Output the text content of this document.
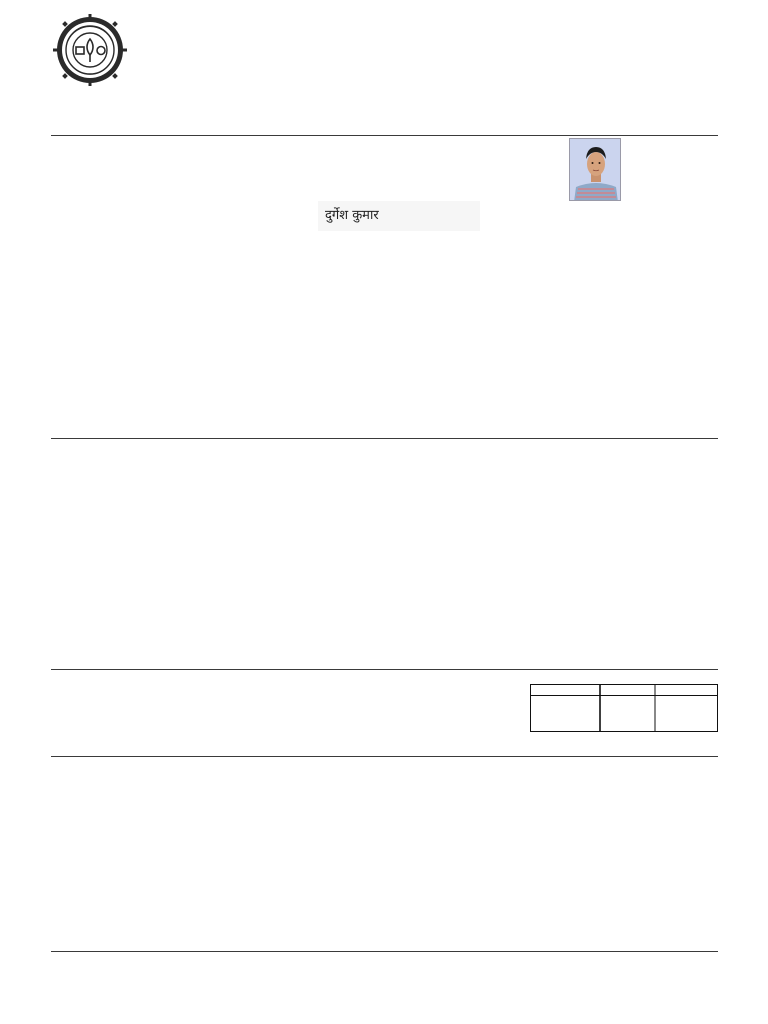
दुर्गेश कुमार
